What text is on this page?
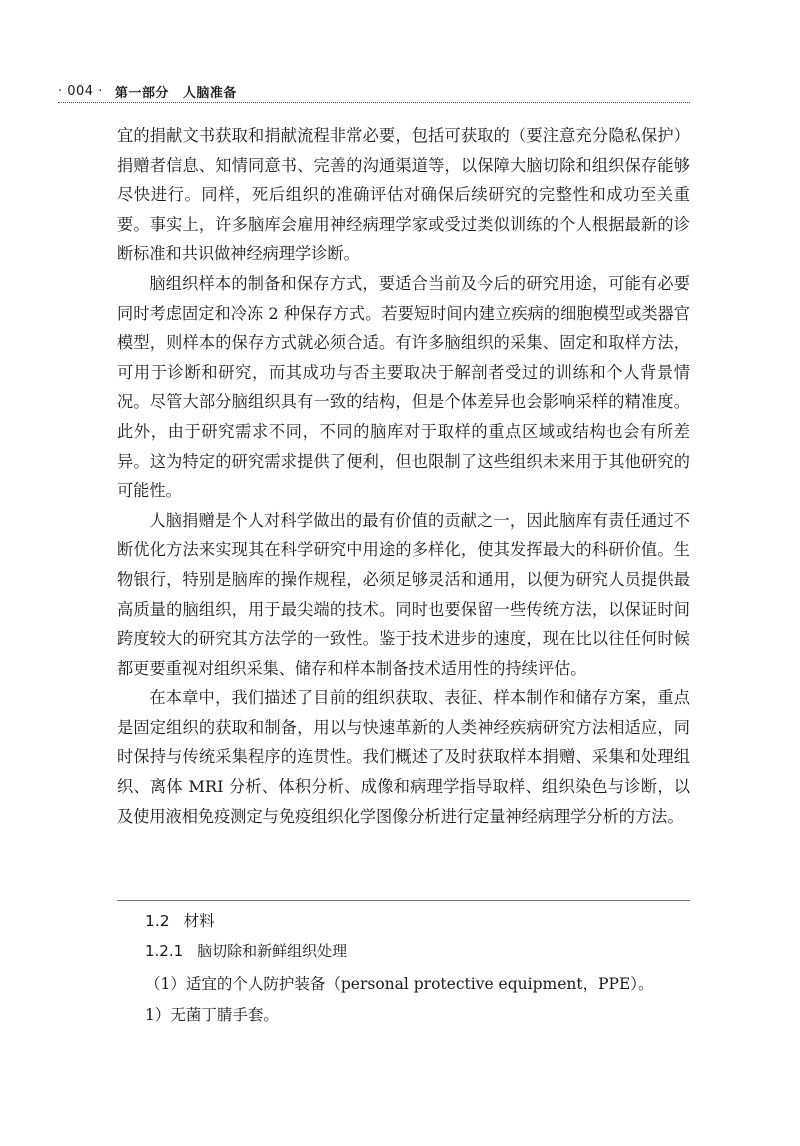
· 004 · 第一部分 人脑准备

宜的捐献文书获取和捐献流程非常必要，包括可获取的（要注意充分隐私保护）捐赠者信息、知情同意书、完善的沟通渠道等，以保障大脑切除和组织保存能够尽快进行。同样，死后组织的准确评估对确保后续研究的完整性和成功至关重要。事实上，许多脑库会雇用神经病理学家或受过类似训练的个人根据最新的诊断标准和共识做神经病理学诊断。

脑组织样本的制备和保存方式，要适合当前及今后的研究用途，可能有必要同时考虑固定和冷冻 2 种保存方式。若要短时间内建立疾病的细胞模型或类器官模型，则样本的保存方式就必须合适。有许多脑组织的采集、固定和取样方法，可用于诊断和研究，而其成功与否主要取决于解剖者受过的训练和个人背景情况。尽管大部分脑组织具有一致的结构，但是个体差异也会影响采样的精准度。此外，由于研究需求不同，不同的脑库对于取样的重点区域或结构也会有所差异。这为特定的研究需求提供了便利，但也限制了这些组织未来用于其他研究的可能性。

人脑捐赠是个人对科学做出的最有价值的贡献之一，因此脑库有责任通过不断优化方法来实现其在科学研究中用途的多样化，使其发挥最大的科研价值。生物银行，特别是脑库的操作规程，必须足够灵活和通用，以便为研究人员提供最高质量的脑组织，用于最尖端的技术。同时也要保留一些传统方法，以保证时间跨度较大的研究其方法学的一致性。鉴于技术进步的速度，现在比以往任何时候都更要重视对组织采集、储存和样本制备技术适用性的持续评估。

在本章中，我们描述了目前的组织获取、表征、样本制作和储存方案，重点是固定组织的获取和制备，用以与快速革新的人类神经疾病研究方法相适应，同时保持与传统采集程序的连贯性。我们概述了及时获取样本捐赠、采集和处理组织、离体 MRI 分析、体积分析、成像和病理学指导取样、组织染色与诊断，以及使用液相免疫测定与免疫组织化学图像分析进行定量神经病理学分析的方法。

1.2 材料
1.2.1 脑切除和新鲜组织处理
（1）适宜的个人防护装备（personal protective equipment，PPE）。
1）无菌丁腈手套。
